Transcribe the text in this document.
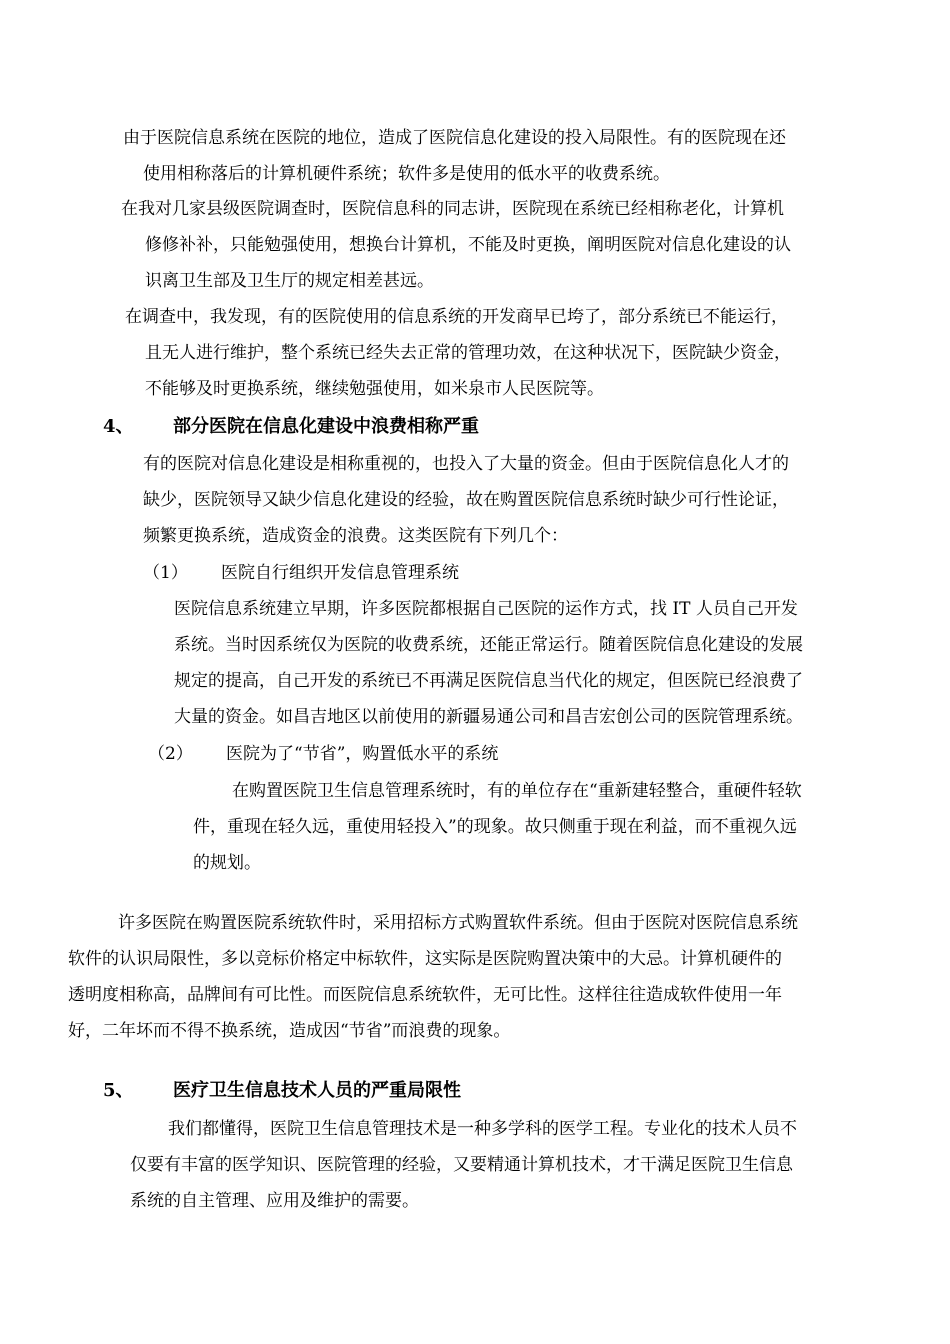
由于医院信息系统在医院的地位，造成了医院信息化建设的投入局限性。有的医院现在还
使用相称落后的计算机硬件系统；软件多是使用的低水平的收费系统。
在我对几家县级医院调查时，医院信息科的同志讲，医院现在系统已经相称老化，计算机
修修补补，只能勉强使用，想换台计算机，不能及时更换，阐明医院对信息化建设的认
识离卫生部及卫生厅的规定相差甚远。
在调查中，我发现，有的医院使用的信息系统的开发商早已垮了，部分系统已不能运行，
且无人进行维护，整个系统已经失去正常的管理功效，在这种状况下，医院缺少资金，
不能够及时更换系统，继续勉强使用，如米泉市人民医院等。
4、 部分医院在信息化建设中浪费相称严重
有的医院对信息化建设是相称重视的，也投入了大量的资金。但由于医院信息化人才的
缺少，医院领导又缺少信息化建设的经验，故在购置医院信息系统时缺少可行性论证，
频繁更换系统，造成资金的浪费。这类医院有下列几个：
（1） 医院自行组织开发信息管理系统
医院信息系统建立早期，许多医院都根据自己医院的运作方式，找 IT 人员自己开发
系统。当时因系统仅为医院的收费系统，还能正常运行。随着医院信息化建设的发展
规定的提高，自己开发的系统已不再满足医院信息当代化的规定，但医院已经浪费了
大量的资金。如昌吉地区以前使用的新疆易通公司和昌吉宏创公司的医院管理系统。
（2） 医院为了“节省”，购置低水平的系统
在购置医院卫生信息管理系统时，有的单位存在“重新建轻整合，重硬件轻软
件，重现在轻久远，重使用轻投入”的现象。故只侧重于现在利益，而不重视久远
的规划。
许多医院在购置医院系统软件时，采用招标方式购置软件系统。但由于医院对医院信息系统
软件的认识局限性，多以竞标价格定中标软件，这实际是医院购置决策中的大忌。计算机硬件的
透明度相称高，品牌间有可比性。而医院信息系统软件，无可比性。这样往往造成软件使用一年
好，二年坏而不得不换系统，造成因“节省”而浪费的现象。
5、 医疗卫生信息技术人员的严重局限性
我们都懂得，医院卫生信息管理技术是一种多学科的医学工程。专业化的技术人员不
仅要有丰富的医学知识、医院管理的经验，又要精通计算机技术，才干满足医院卫生信息
系统的自主管理、应用及维护的需要。
